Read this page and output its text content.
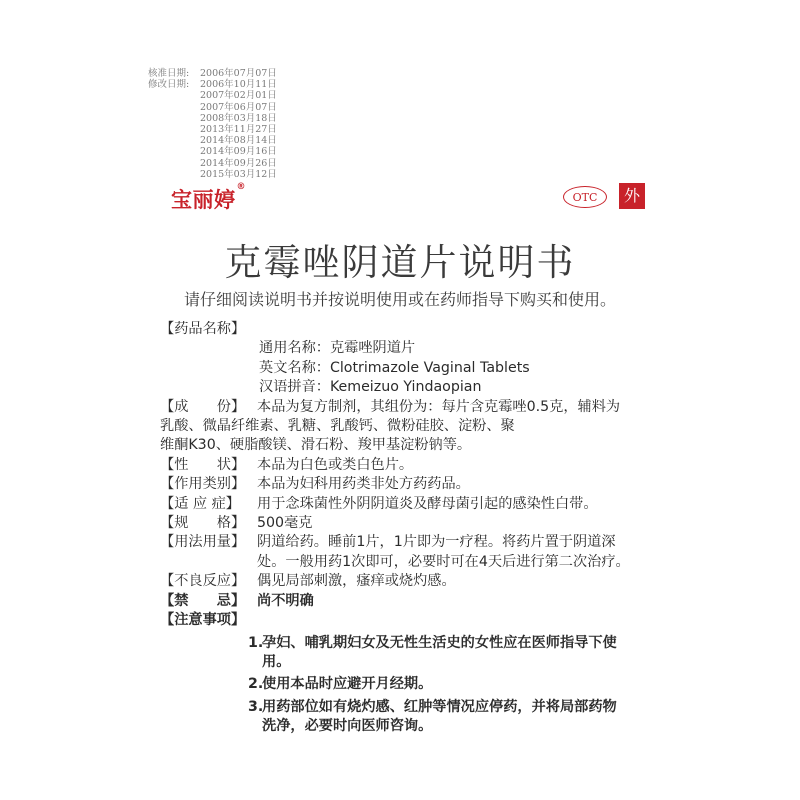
核准日期: 2006年07月07日
修改日期: 2006年10月11日
2007年02月01日
2007年06月07日
2008年03月18日
2013年11月27日
2014年08月14日
2014年09月16日
2014年09月26日
2015年03月12日
宝丽婷®
OTC	外
克霉唑阴道片说明书
请仔细阅读说明书并按说明使用或在药师指导下购买和使用。
【药品名称】
通用名称：克霉唑阴道片
英文名称：Clotrimazole Vaginal Tablets
汉语拼音：Kemeizuo Yindaopian
【成　　份】 本品为复方制剂，其组份为：每片含克霉唑0.5克，辅料为
乳酸、微晶纤维素、乳糖、乳酸钙、微粉硅胶、淀粉、聚
维酮K30、硬脂酸镁、滑石粉、羧甲基淀粉钠等。
【性　　状】 本品为白色或类白色片。
【作用类别】 本品为妇科用药类非处方药药品。
【适 应 症】 用于念珠菌性外阴阴道炎及酵母菌引起的感染性白带。
【规　　格】 500毫克
【用法用量】 阴道给药。睡前1片，1片即为一疗程。将药片置于阴道深
处。一般用药1次即可，必要时可在4天后进行第二次治疗。
【不良反应】 偶见局部刺激，瘙痒或烧灼感。
【禁　　忌】 尚不明确
【注意事项】
1.
孕妇、哺乳期妇女及无性生活史的女性应在医师指导下使
用。
2.
使用本品时应避开月经期。
3.
用药部位如有烧灼感、红肿等情况应停药，并将局部药物
洗净，必要时向医师咨询。
